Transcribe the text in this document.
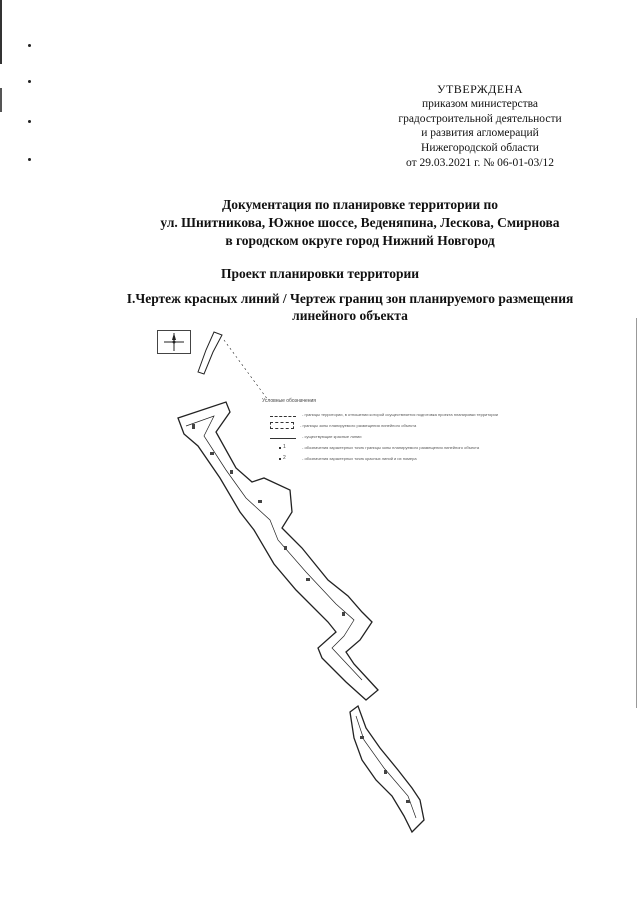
УТВЕРЖДЕНА
приказом министерства
градостроительной деятельности
и развития агломераций
Нижегородской области
от 29.03.2021 г. № 06-01-03/12
Документация по планировке территории по
ул. Шнитникова, Южное шоссе, Веденяпина, Лескова, Смирнова
в городском округе город Нижний Новгород
Проект планировки территории
I.Чертеж красных линий / Чертеж границ зон планируемого размещения
линейного объекта
Условные обозначения
- границы территории, в отношении которой осуществляется подготовка проекта планировки территории
- границы зоны планируемого размещения линейного объекта
- существующие красные линии
1	- обозначения характерных точек границы зоны планируемого размещения линейного объекта
2	- обозначения характерных точек красных линий и их номера
